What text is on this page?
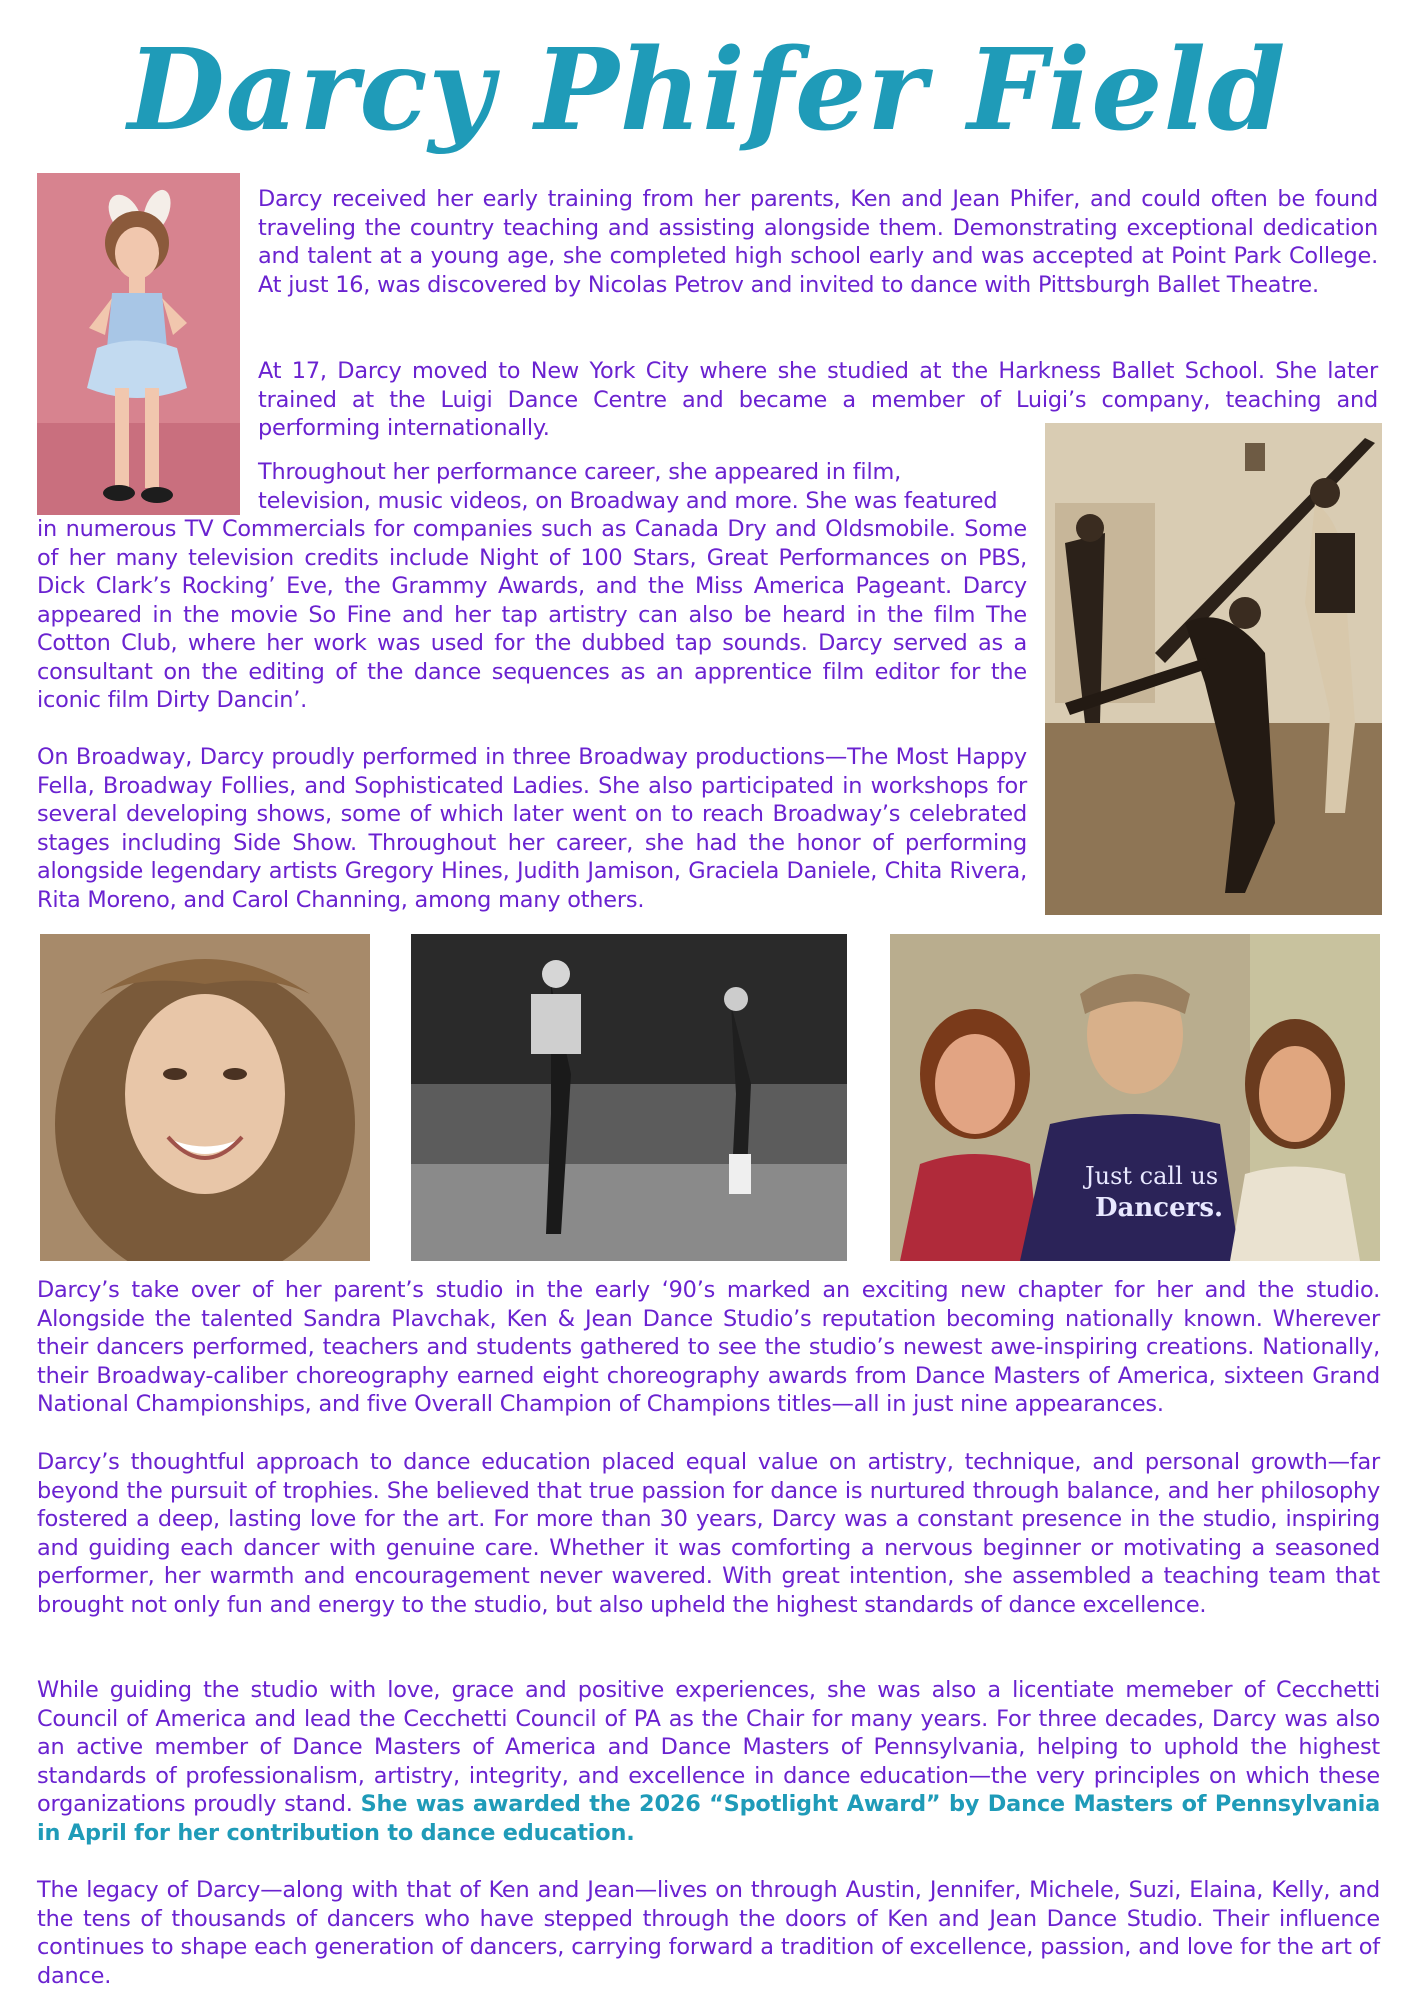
Darcy Phifer Field

Darcy received her early training from her parents, Ken and Jean Phifer, and could often be found traveling the country teaching and assisting alongside them. Demonstrating exceptional dedication and talent at a young age, she completed high school early and was accepted at Point Park College. At just 16, was discovered by Nicolas Petrov and invited to dance with Pittsburgh Ballet Theatre.

At 17, Darcy moved to New York City where she studied at the Harkness Ballet School. She later trained at the Luigi Dance Centre and became a member of Luigi’s company, teaching and performing internationally.

Throughout her performance career, she appeared in film, television, music videos, on Broadway and more. She was featured

in numerous TV Commercials for companies such as Canada Dry and Oldsmobile. Some of her many television credits include Night of 100 Stars, Great Performances on PBS, Dick Clark’s Rocking’ Eve, the Grammy Awards, and the Miss America Pageant. Darcy appeared in the movie So Fine and her tap artistry can also be heard in the film The Cotton Club, where her work was used for the dubbed tap sounds. Darcy served as a consultant on the editing of the dance sequences as an apprentice film editor for the iconic film Dirty Dancin’.

On Broadway, Darcy proudly performed in three Broadway productions—The Most Happy Fella, Broadway Follies, and Sophisticated Ladies. She also participated in workshops for several developing shows, some of which later went on to reach Broadway’s celebrated stages including Side Show. Throughout her career, she had the honor of performing alongside legendary artists Gregory Hines, Judith Jamison, Graciela Daniele, Chita Rivera, Rita Moreno, and Carol Channing, among many others.

Just call us
Dancers.

Darcy’s take over of her parent’s studio in the early ‘90’s marked an exciting new chapter for her and the studio. Alongside the talented Sandra Plavchak, Ken & Jean Dance Studio’s reputation becoming nationally known. Wherever their dancers performed, teachers and students gathered to see the studio’s newest awe-inspiring creations. Nationally, their Broadway-caliber choreography earned eight choreography awards from Dance Masters of America, sixteen Grand National Championships, and five Overall Champion of Champions titles—all in just nine appearances.

Darcy’s thoughtful approach to dance education placed equal value on artistry, technique, and personal growth—far beyond the pursuit of trophies. She believed that true passion for dance is nurtured through balance, and her philosophy fostered a deep, lasting love for the art. For more than 30 years, Darcy was a constant presence in the studio, inspiring and guiding each dancer with genuine care. Whether it was comforting a nervous beginner or motivating a seasoned performer, her warmth and encouragement never wavered. With great intention, she assembled a teaching team that brought not only fun and energy to the studio, but also upheld the highest standards of dance excellence.

While guiding the studio with love, grace and positive experiences, she was also a licentiate memeber of Cecchetti Council of America and lead the Cecchetti Council of PA as the Chair for many years. For three decades, Darcy was also an active member of Dance Masters of America and Dance Masters of Pennsylvania, helping to uphold the highest standards of professionalism, artistry, integrity, and excellence in dance education—the very principles on which these organizations proudly stand. She was awarded the 2026 “Spotlight Award” by Dance Masters of Pennsylvania in April for her contribution to dance education.

The legacy of Darcy—along with that of Ken and Jean—lives on through Austin, Jennifer, Michele, Suzi, Elaina, Kelly, and the tens of thousands of dancers who have stepped through the doors of Ken and Jean Dance Studio. Their influence continues to shape each generation of dancers, carrying forward a tradition of excellence, passion, and love for the art of dance.
